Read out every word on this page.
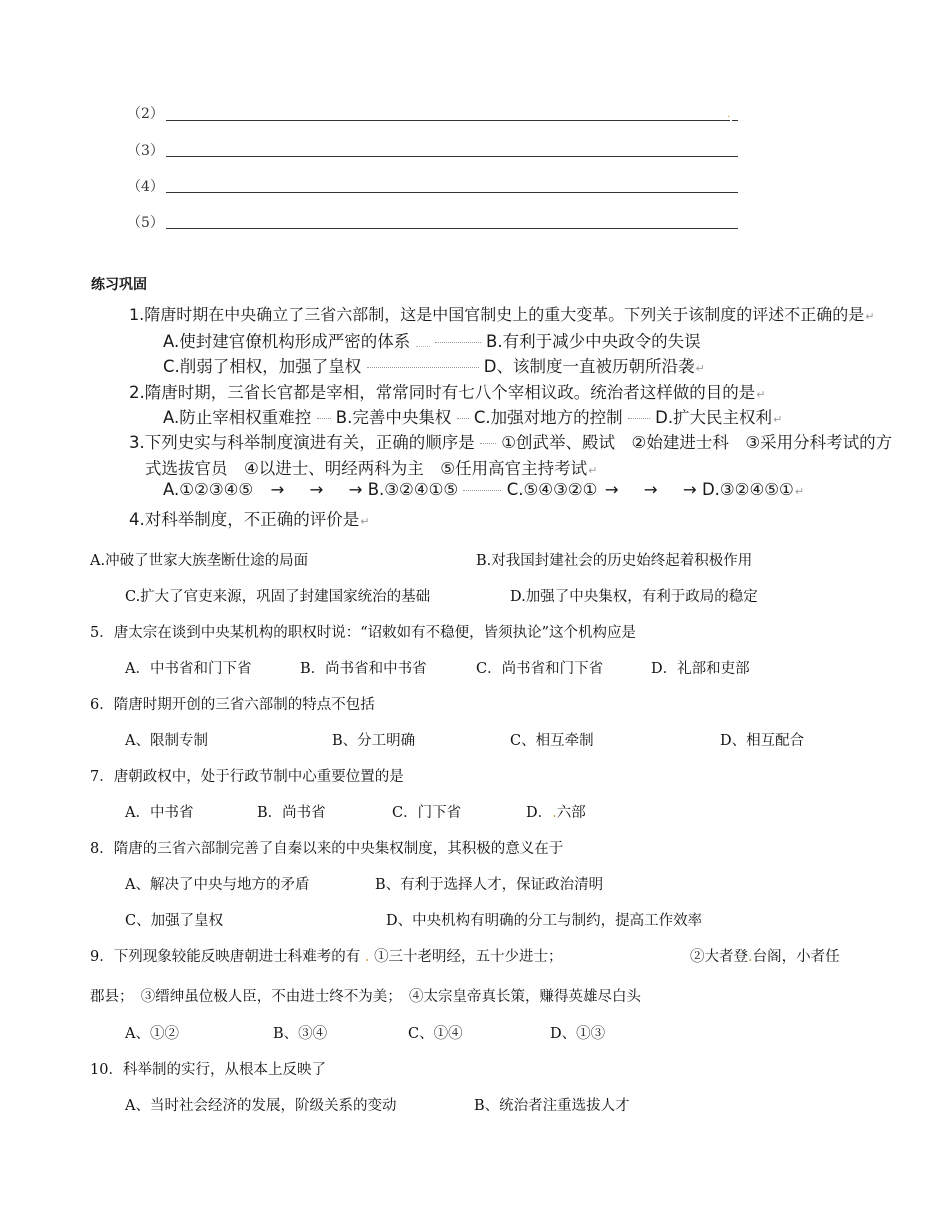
（2）	.
（3）
（4）
（5）
练习巩固
1.隋唐时期在中央确立了三省六部制，这是中国官制史上的重大变革。下列关于该制度的评述不正确的是↵
A.使封建官僚机构形成严密的体系	B.有利于减少中央政令的失误
C.削弱了相权，加强了皇权	D、该制度一直被历朝所沿袭↵
2.隋唐时期，三省长官都是宰相，常常同时有七八个宰相议政。统治者这样做的目的是↵
A.防止宰相权重难控 B.完善中央集权 C.加强对地方的控制 D.扩大民主权利↵
3.下列史实与科举制度演进有关，正确的顺序是 ①创武举、殿试　②始建进士科　③采用分科考试的方
式选拔官员　④以进士、明经两科为主　⑤任用高官主持考试↵
A.①②③④⑤ → → → B.③②④①⑤	C.⑤④③②① → → → D.③②④⑤①↵
4.对科举制度，不正确的评价是↵
A.冲破了世家大族垄断仕途的局面	B.对我国封建社会的历史始终起着积极作用
C.扩大了官吏来源，巩固了封建国家统治的基础	D.加强了中央集权，有利于政局的稳定
5．唐太宗在谈到中央某机构的职权时说：“诏敕如有不稳便，皆须执论”这个机构应是
A．中书省和门下省	B．尚书省和中书省	C．尚书省和门下省	D．礼部和吏部
6．隋唐时期开创的三省六部制的特点不包括
A、限制专制	B、分工明确	C、相互牵制	D、相互配合
7．唐朝政权中，处于行政节制中心重要位置的是
A．中书省	B．尚书省	C．门下省	D．.六部
8．隋唐的三省六部制完善了自秦以来的中央集权制度，其积极的意义在于
A、解决了中央与地方的矛盾	B、有利于选择人才，保证政治清明
C、加强了皇权	D、中央机构有明确的分工与制约，提高工作效率
9．下列现象较能反映唐朝进士科难考的有 . ①三十老明经，五十少进士；	②大者登.台阁，小者任
郡县；　③缙绅虽位极人臣，不由进士终不为美；　④太宗皇帝真长策，赚得英雄尽白头
A、①②	B、③④	C、①④	D、①③
10．科举制的实行，从根本上反映了
A、当时社会经济的发展，阶级关系的变动	B、统治者注重选拔人才
